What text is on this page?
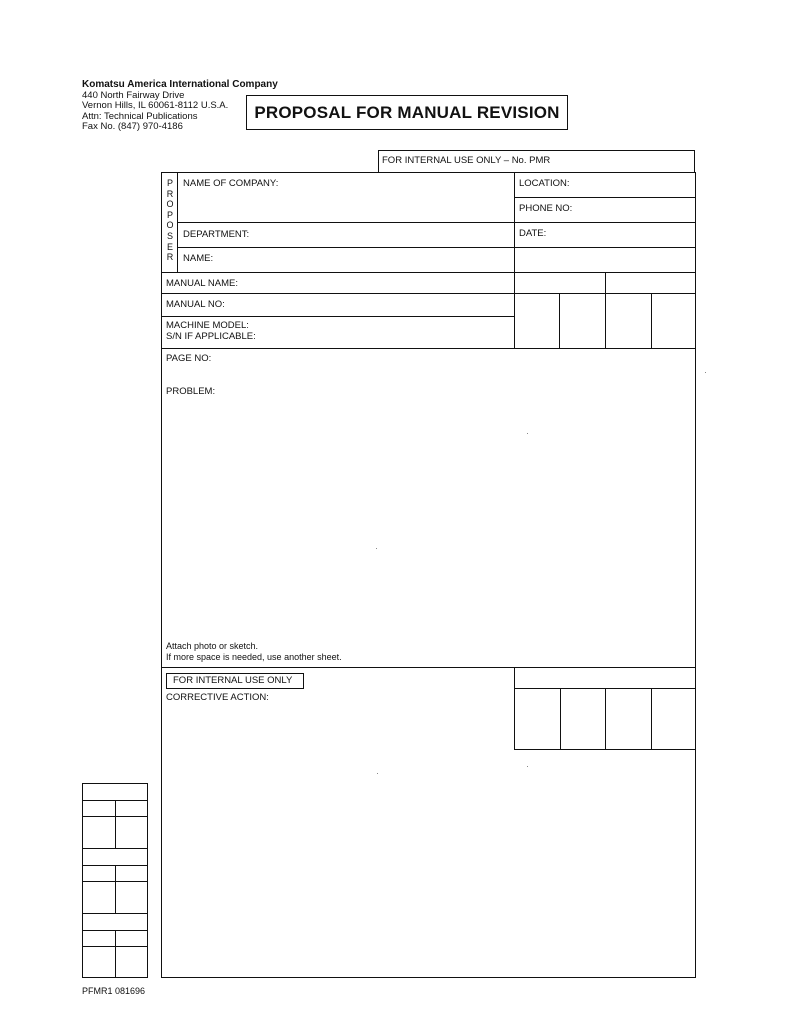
Komatsu America International Company
440 North Fairway Drive
Vernon Hills, IL 60061-8112 U.S.A.
Attn: Technical Publications
Fax No. (847) 970-4186
PROPOSAL FOR MANUAL REVISION
FOR INTERNAL USE ONLY – No. PMR
P
R
O
P
O
S
E
R
NAME OF COMPANY:	LOCATION:
PHONE NO:
DEPARTMENT:	DATE:
NAME:
MANUAL NAME:
MANUAL NO:
MACHINE MODEL:
S/N IF APPLICABLE:
PAGE NO:
PROBLEM:
Attach photo or sketch.
If more space is needed, use another sheet.
FOR INTERNAL USE ONLY
CORRECTIVE ACTION:
PFMR1 081696
